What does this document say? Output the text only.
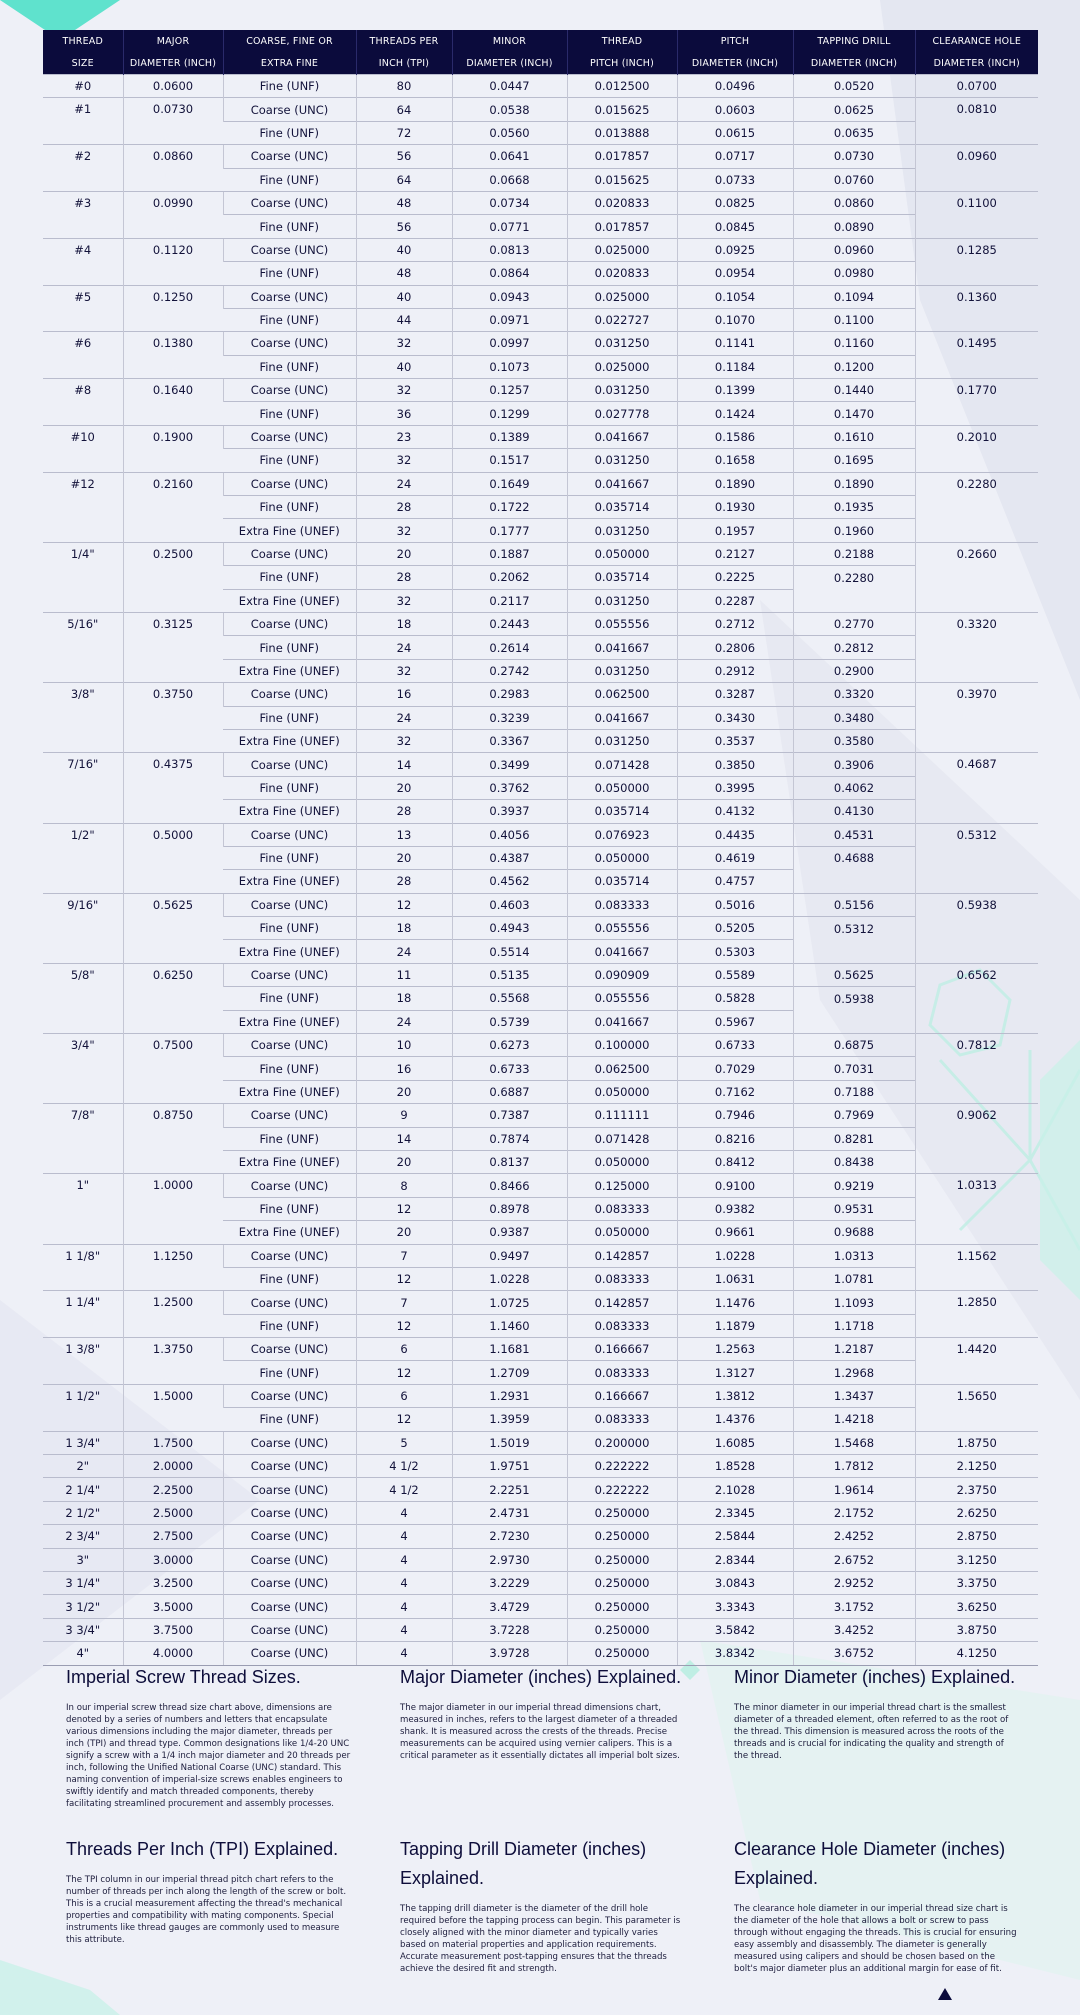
THREAD	MAJOR	COARSE, FINE OR	THREADS PER	MINOR	THREAD	PITCH	TAPPING DRILL	CLEARANCE HOLE
SIZE	DIAMETER (INCH)	EXTRA FINE	INCH (TPI)	DIAMETER (INCH)	PITCH (INCH)	DIAMETER (INCH)	DIAMETER (INCH)	DIAMETER (INCH)
#0	0.0600	Fine (UNF)	80	0.0447	0.012500	0.0496	0.0520	0.0700
#1	0.0730	Coarse (UNC)	64	0.0538	0.015625	0.0603	0.0625	0.0810
		Fine (UNF)	72	0.0560	0.013888	0.0615	0.0635	
#2	0.0860	Coarse (UNC)	56	0.0641	0.017857	0.0717	0.0730	0.0960
		Fine (UNF)	64	0.0668	0.015625	0.0733	0.0760	
#3	0.0990	Coarse (UNC)	48	0.0734	0.020833	0.0825	0.0860	0.1100
		Fine (UNF)	56	0.0771	0.017857	0.0845	0.0890	
#4	0.1120	Coarse (UNC)	40	0.0813	0.025000	0.0925	0.0960	0.1285
		Fine (UNF)	48	0.0864	0.020833	0.0954	0.0980	
#5	0.1250	Coarse (UNC)	40	0.0943	0.025000	0.1054	0.1094	0.1360
		Fine (UNF)	44	0.0971	0.022727	0.1070	0.1100	
#6	0.1380	Coarse (UNC)	32	0.0997	0.031250	0.1141	0.1160	0.1495
		Fine (UNF)	40	0.1073	0.025000	0.1184	0.1200	
#8	0.1640	Coarse (UNC)	32	0.1257	0.031250	0.1399	0.1440	0.1770
		Fine (UNF)	36	0.1299	0.027778	0.1424	0.1470	
#10	0.1900	Coarse (UNC)	23	0.1389	0.041667	0.1586	0.1610	0.2010
		Fine (UNF)	32	0.1517	0.031250	0.1658	0.1695	
#12	0.2160	Coarse (UNC)	24	0.1649	0.041667	0.1890	0.1890	0.2280
		Fine (UNF)	28	0.1722	0.035714	0.1930	0.1935	
		Extra Fine (UNEF)	32	0.1777	0.031250	0.1957	0.1960	
1/4"	0.2500	Coarse (UNC)	20	0.1887	0.050000	0.2127	0.2188	0.2660
		Fine (UNF)	28	0.2062	0.035714	0.2225	0.2280	
		Extra Fine (UNEF)	32	0.2117	0.031250	0.2287		
5/16"	0.3125	Coarse (UNC)	18	0.2443	0.055556	0.2712	0.2770	0.3320
		Fine (UNF)	24	0.2614	0.041667	0.2806	0.2812	
		Extra Fine (UNEF)	32	0.2742	0.031250	0.2912	0.2900	
3/8"	0.3750	Coarse (UNC)	16	0.2983	0.062500	0.3287	0.3320	0.3970
		Fine (UNF)	24	0.3239	0.041667	0.3430	0.3480	
		Extra Fine (UNEF)	32	0.3367	0.031250	0.3537	0.3580	
7/16"	0.4375	Coarse (UNC)	14	0.3499	0.071428	0.3850	0.3906	0.4687
		Fine (UNF)	20	0.3762	0.050000	0.3995	0.4062	
		Extra Fine (UNEF)	28	0.3937	0.035714	0.4132	0.4130	
1/2"	0.5000	Coarse (UNC)	13	0.4056	0.076923	0.4435	0.4531	0.5312
		Fine (UNF)	20	0.4387	0.050000	0.4619	0.4688	
		Extra Fine (UNEF)	28	0.4562	0.035714	0.4757		
9/16"	0.5625	Coarse (UNC)	12	0.4603	0.083333	0.5016	0.5156	0.5938
		Fine (UNF)	18	0.4943	0.055556	0.5205	0.5312	
		Extra Fine (UNEF)	24	0.5514	0.041667	0.5303		
5/8"	0.6250	Coarse (UNC)	11	0.5135	0.090909	0.5589	0.5625	0.6562
		Fine (UNF)	18	0.5568	0.055556	0.5828	0.5938	
		Extra Fine (UNEF)	24	0.5739	0.041667	0.5967		
3/4"	0.7500	Coarse (UNC)	10	0.6273	0.100000	0.6733	0.6875	0.7812
		Fine (UNF)	16	0.6733	0.062500	0.7029	0.7031	
		Extra Fine (UNEF)	20	0.6887	0.050000	0.7162	0.7188	
7/8"	0.8750	Coarse (UNC)	9	0.7387	0.111111	0.7946	0.7969	0.9062
		Fine (UNF)	14	0.7874	0.071428	0.8216	0.8281	
		Extra Fine (UNEF)	20	0.8137	0.050000	0.8412	0.8438	
1"	1.0000	Coarse (UNC)	8	0.8466	0.125000	0.9100	0.9219	1.0313
		Fine (UNF)	12	0.8978	0.083333	0.9382	0.9531	
		Extra Fine (UNEF)	20	0.9387	0.050000	0.9661	0.9688	
1 1/8"	1.1250	Coarse (UNC)	7	0.9497	0.142857	1.0228	1.0313	1.1562
		Fine (UNF)	12	1.0228	0.083333	1.0631	1.0781	
1 1/4"	1.2500	Coarse (UNC)	7	1.0725	0.142857	1.1476	1.1093	1.2850
		Fine (UNF)	12	1.1460	0.083333	1.1879	1.1718	
1 3/8"	1.3750	Coarse (UNC)	6	1.1681	0.166667	1.2563	1.2187	1.4420
		Fine (UNF)	12	1.2709	0.083333	1.3127	1.2968	
1 1/2"	1.5000	Coarse (UNC)	6	1.2931	0.166667	1.3812	1.3437	1.5650
		Fine (UNF)	12	1.3959	0.083333	1.4376	1.4218	
1 3/4"	1.7500	Coarse (UNC)	5	1.5019	0.200000	1.6085	1.5468	1.8750
2"	2.0000	Coarse (UNC)	4 1/2	1.9751	0.222222	1.8528	1.7812	2.1250
2 1/4"	2.2500	Coarse (UNC)	4 1/2	2.2251	0.222222	2.1028	1.9614	2.3750
2 1/2"	2.5000	Coarse (UNC)	4	2.4731	0.250000	2.3345	2.1752	2.6250
2 3/4"	2.7500	Coarse (UNC)	4	2.7230	0.250000	2.5844	2.4252	2.8750
3"	3.0000	Coarse (UNC)	4	2.9730	0.250000	2.8344	2.6752	3.1250
3 1/4"	3.2500	Coarse (UNC)	4	3.2229	0.250000	3.0843	2.9252	3.3750
3 1/2"	3.5000	Coarse (UNC)	4	3.4729	0.250000	3.3343	3.1752	3.6250
3 3/4"	3.7500	Coarse (UNC)	4	3.7228	0.250000	3.5842	3.4252	3.8750
4"	4.0000	Coarse (UNC)	4	3.9728	0.250000	3.8342	3.6752	4.1250
Imperial Screw Thread Sizes.

In our imperial screw thread size chart above, dimensions are denoted by a series of numbers and letters that encapsulate various dimensions including the major diameter, threads per inch (TPI) and thread type. Common designations like 1/4-20 UNC signify a screw with a 1/4 inch major diameter and 20 threads per inch, following the Unified National Coarse (UNC) standard. This naming convention of imperial-size screws enables engineers to swiftly identify and match threaded components, thereby facilitating streamlined procurement and assembly processes.

Major Diameter (inches) Explained.

The major diameter in our imperial thread dimensions chart, measured in inches, refers to the largest diameter of a threaded shank. It is measured across the crests of the threads. Precise measurements can be acquired using vernier calipers. This is a critical parameter as it essentially dictates all imperial bolt sizes.

Minor Diameter (inches) Explained.

The minor diameter in our imperial thread chart is the smallest diameter of a threaded element, often referred to as the root of the thread. This dimension is measured across the roots of the threads and is crucial for indicating the quality and strength of the thread.

Threads Per Inch (TPI) Explained.

The TPI column in our imperial thread pitch chart refers to the number of threads per inch along the length of the screw or bolt. This is a crucial measurement affecting the thread's mechanical properties and compatibility with mating components. Special instruments like thread gauges are commonly used to measure this attribute.

Tapping Drill Diameter (inches) Explained.

The tapping drill diameter is the diameter of the drill hole required before the tapping process can begin. This parameter is closely aligned with the minor diameter and typically varies based on material properties and application requirements. Accurate measurement post-tapping ensures that the threads achieve the desired fit and strength.

Clearance Hole Diameter (inches) Explained.

The clearance hole diameter in our imperial thread size chart is the diameter of the hole that allows a bolt or screw to pass through without engaging the threads. This is crucial for ensuring easy assembly and disassembly. The diameter is generally measured using calipers and should be chosen based on the bolt's major diameter plus an additional margin for ease of fit.
